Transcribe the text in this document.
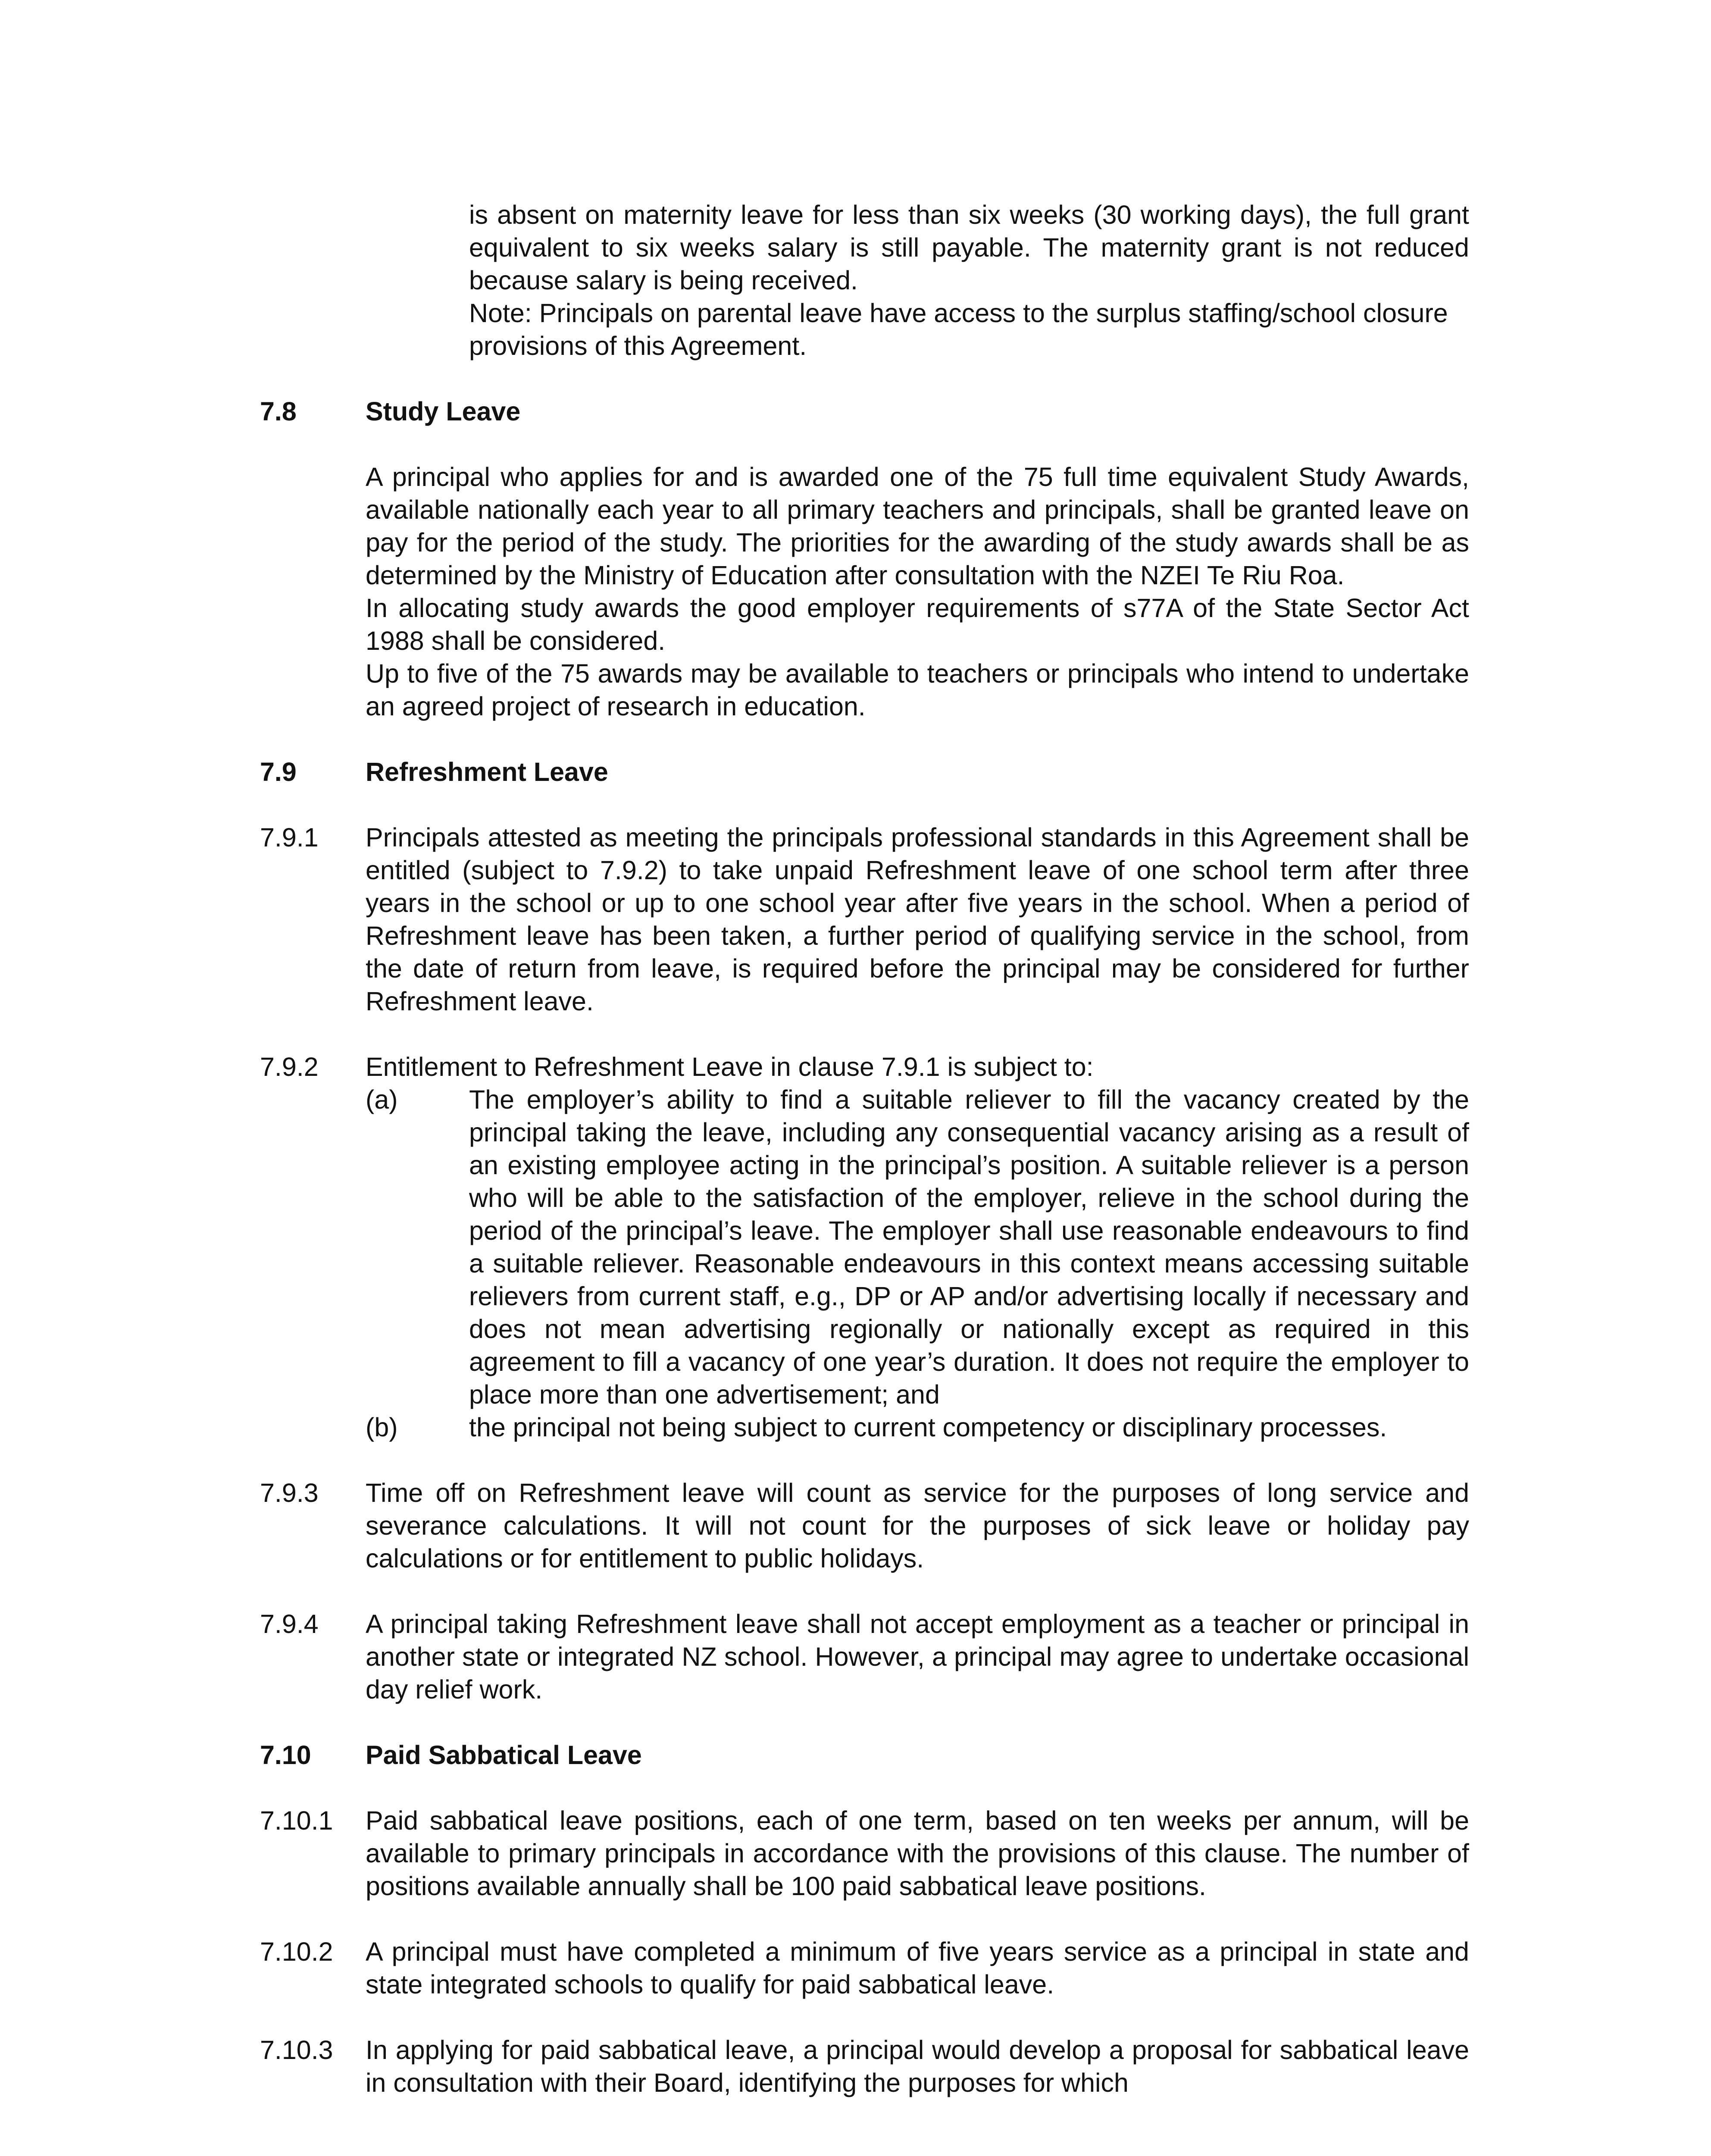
is absent on maternity leave for less than six weeks (30 working days), the full grant equivalent to six weeks salary is still payable. The maternity grant is not reduced because salary is being received.

Note: Principals on parental leave have access to the surplus staffing/school closure provisions of this Agreement.

7.8	Study Leave

A principal who applies for and is awarded one of the 75 full time equivalent Study Awards, available nationally each year to all primary teachers and principals, shall be granted leave on pay for the period of the study. The priorities for the awarding of the study awards shall be as determined by the Ministry of Education after consultation with the NZEI Te Riu Roa.

In allocating study awards the good employer requirements of s77A of the State Sector Act 1988 shall be considered.

Up to five of the 75 awards may be available to teachers or principals who intend to undertake an agreed project of research in education.

7.9	Refreshment Leave

7.9.1 Principals attested as meeting the principals professional standards in this Agreement shall be entitled (subject to 7.9.2) to take unpaid Refreshment leave of one school term after three years in the school or up to one school year after five years in the school. When a period of Refreshment leave has been taken, a further period of qualifying service in the school, from the date of return from leave, is required before the principal may be considered for further Refreshment leave.

7.9.2 Entitlement to Refreshment Leave in clause 7.9.1 is subject to:

(a)	The employer’s ability to find a suitable reliever to fill the vacancy created by the principal taking the leave, including any consequential vacancy arising as a result of an existing employee acting in the principal’s position. A suitable reliever is a person who will be able to the satisfaction of the employer, relieve in the school during the period of the principal’s leave. The employer shall use reasonable endeavours to find a suitable reliever. Reasonable endeavours in this context means accessing suitable relievers from current staff, e.g., DP or AP and/or advertising locally if necessary and does not mean advertising regionally or nationally except as required in this agreement to fill a vacancy of one year’s duration. It does not require the employer to place more than one advertisement; and

(b)	the principal not being subject to current competency or disciplinary processes.

7.9.3 Time off on Refreshment leave will count as service for the purposes of long service and severance calculations. It will not count for the purposes of sick leave or holiday pay calculations or for entitlement to public holidays.

7.9.4 A principal taking Refreshment leave shall not accept employment as a teacher or principal in another state or integrated NZ school. However, a principal may agree to undertake occasional day relief work.

7.10 Paid Sabbatical Leave

7.10.1 Paid sabbatical leave positions, each of one term, based on ten weeks per annum, will be available to primary principals in accordance with the provisions of this clause. The number of positions available annually shall be 100 paid sabbatical leave positions.

7.10.2 A principal must have completed a minimum of five years service as a principal in state and state integrated schools to qualify for paid sabbatical leave.

7.10.3 In applying for paid sabbatical leave, a principal would develop a proposal for sabbatical leave in consultation with their Board, identifying the purposes for which
